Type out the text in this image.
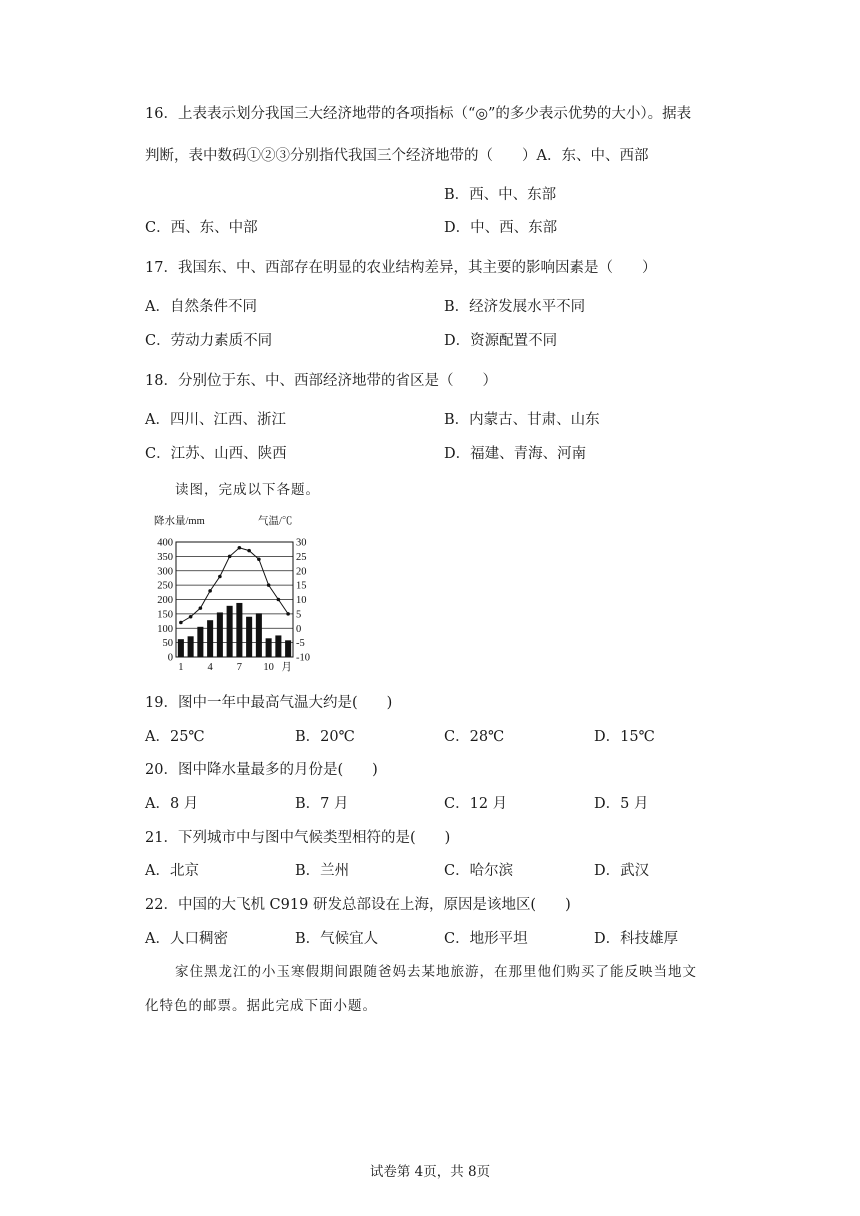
16．上表表示划分我国三大经济地带的各项指标（“◎”的多少表示优势的大小）。据表
判断，表中数码①②③分别指代我国三个经济地带的（　　）A．东、中、西部
B．西、中、东部
C．西、东、中部	D．中、西、东部
17．我国东、中、西部存在明显的农业结构差异，其主要的影响因素是（　　）
A．自然条件不同	B．经济发展水平不同
C．劳动力素质不同	D．资源配置不同
18．分别位于东、中、西部经济地带的省区是（　　）
A．四川、江西、浙江	B．内蒙古、甘肃、山东
C．江苏、山西、陕西	D．福建、青海、河南
读图，完成以下各题。
降水量/mm	气温/℃
400	30
350	25
300	20
250	15
200	10
150	5
100	0
50	-5
0	-10
1 4 7 10 月
19．图中一年中最高气温大约是(　　)
A．25℃	B．20℃	C．28℃	D．15℃
20．图中降水量最多的月份是(　　)
A．8 月	B．7 月	C．12 月	D．5 月
21．下列城市中与图中气候类型相符的是(　　)
A．北京	B．兰州	C．哈尔滨	D．武汉
22．中国的大飞机 C919 研发总部设在上海，原因是该地区(　　)
A．人口稠密	B．气候宜人	C．地形平坦	D．科技雄厚
家住黑龙江的小玉寒假期间跟随爸妈去某地旅游，在那里他们购买了能反映当地文
化特色的邮票。据此完成下面小题。
试卷第 4页，共 8页
